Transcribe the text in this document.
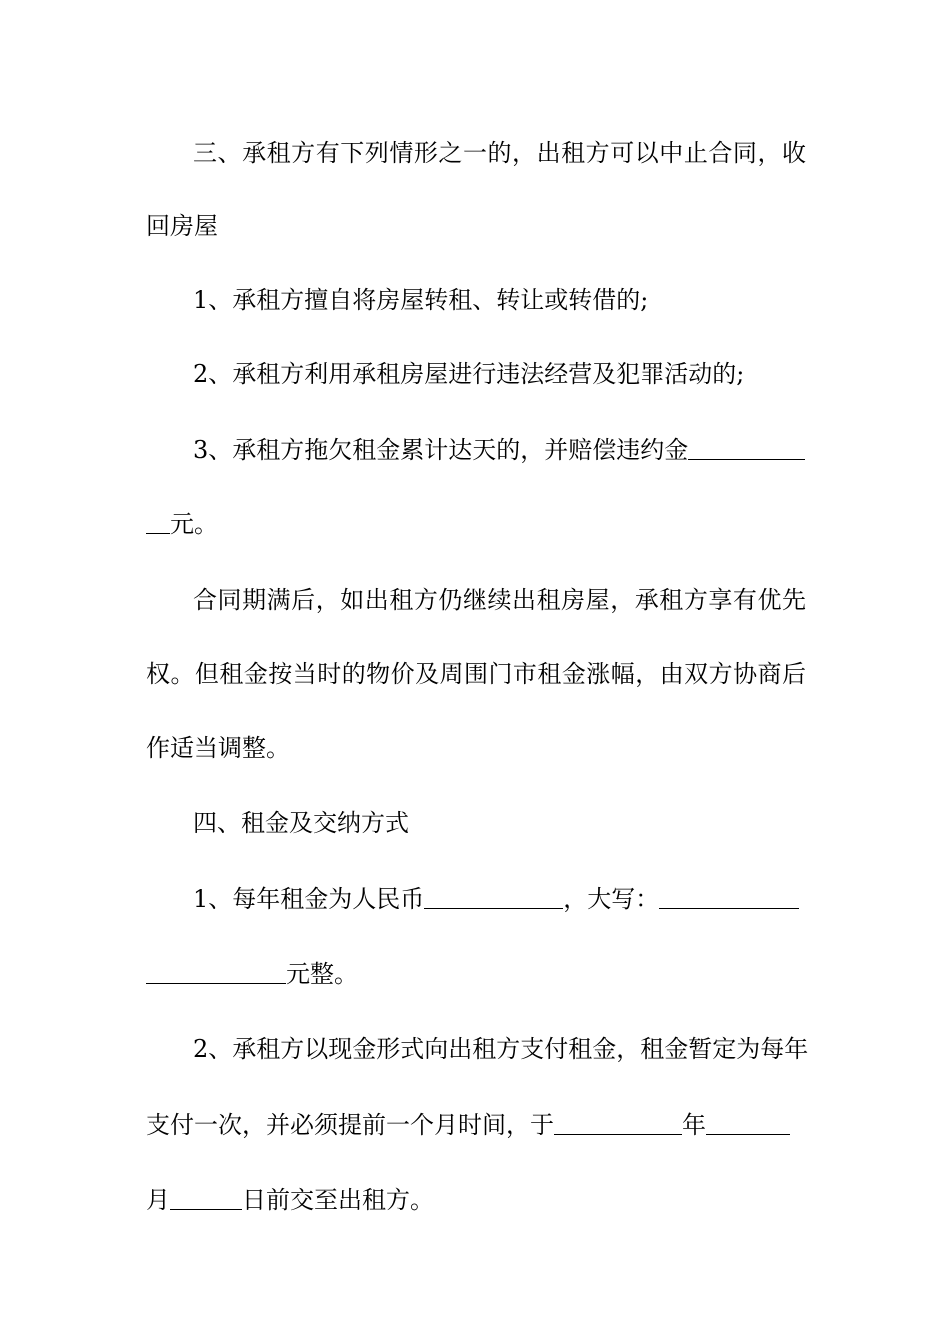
三、承租方有下列情形之一的，出租方可以中止合同，收
回房屋
1、承租方擅自将房屋转租、转让或转借的;
2、承租方利用承租房屋进行违法经营及犯罪活动的;
3、承租方拖欠租金累计达天的，并赔偿违约金
元。
合同期满后，如出租方仍继续出租房屋，承租方享有优先
权。但租金按当时的物价及周围门市租金涨幅，由双方协商后
作适当调整。
四、租金及交纳方式
1、每年租金为人民币	，大写：
元整。
2、承租方以现金形式向出租方支付租金，租金暂定为每年
支付一次，并必须提前一个月时间，于	年
月	日前交至出租方。
